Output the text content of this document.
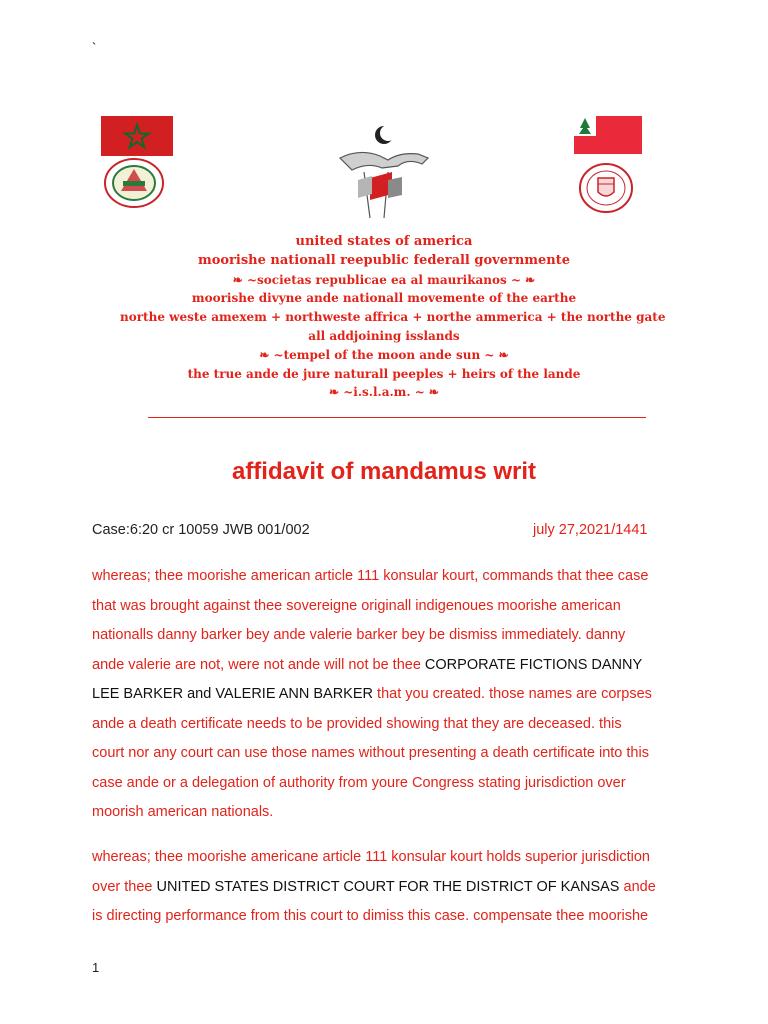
`
united states of america
moorishe nationall reepublic federall governmente
❧ ~societas republicae ea al maurikanos ~ ❧
moorishe divyne ande nationall movemente of the earthe
northe weste amexem + northweste affrica + northe ammerica + the northe gate
all addjoining isslands
❧ ~tempel of the moon ande sun ~ ❧
the true ande de jure naturall peeples + heirs of the lande
❧ ~i.s.l.a.m. ~ ❧
affidavit of mandamus writ
Case:6:20 cr 10059 JWB 001/002	july 27,2021/1441
whereas; thee moorishe american article 111 konsular kourt, commands that thee case
that was brought against thee sovereigne originall indigenoues moorishe american
nationalls danny barker bey ande valerie barker bey be dismiss immediately. danny
ande valerie are not, were not ande will not be thee CORPORATE FICTIONS DANNY
LEE BARKER and VALERIE ANN BARKER that you created. those names are corpses
ande a death certificate needs to be provided showing that they are deceased. this
court nor any court can use those names without presenting a death certificate into this
case ande or a delegation of authority from youre Congress stating jurisdiction over
moorish american nationals.
whereas; thee moorishe americane article 111 konsular kourt holds superior jurisdiction
over thee UNITED STATES DISTRICT COURT FOR THE DISTRICT OF KANSAS ande
is directing performance from this court to dimiss this case. compensate thee moorishe
1
